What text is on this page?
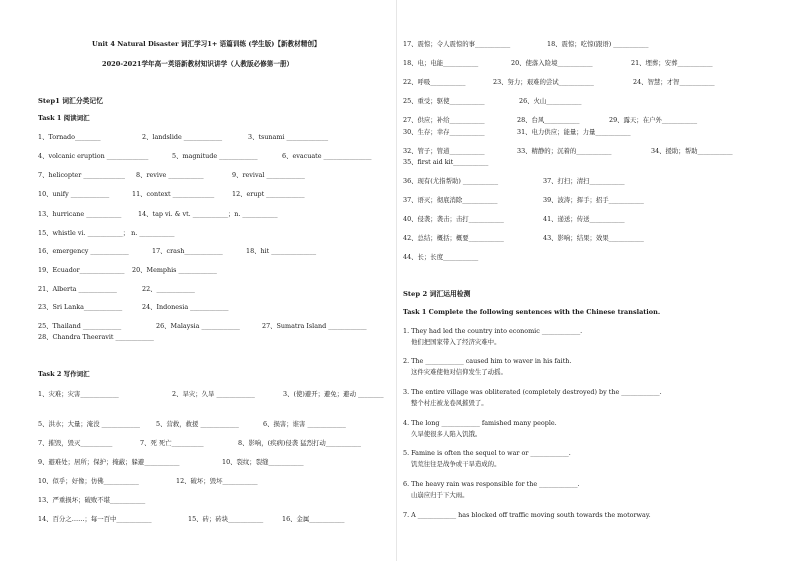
Unit 4 Natural Disaster 词汇学习1+ 语篇训练 (学生版)【新教材精创】
2020-2021学年高一英语新教材知识讲学（人教版必修第一册）
Step1 词汇分类记忆
Task 1 阅读词汇
1、Tornado________	2、landslide ____________	3、tsunami _____________
4、volcanic eruption _____________	5、magnitude ____________	6、evacuate _______________
7、helicopter _____________ 8、revive ___________	9、revival ____________
10、unify ____________	11、context _____________	12、erupt ____________
13、hurricane ___________	14、tap vi. & vt. ___________；n. ___________
15、whistle vi. ___________； n. ___________
16、emergency ____________	17、crash____________	18、hit ______________
19、Ecuador______________ 20、Memphis ____________
21、Alberta ____________	22、____________
23、Sri Lanka____________	24、Indonesia ____________
25、Thailand ____________	26、Malaysia ____________	27、Sumatra Island ____________
28、Chandra Theeravit ____________
Task 2 写作词汇
1、灾难；灾害____________	2、旱灾；久旱 ____________	3、(使)避开；避免；避动 ________
5、洪水；大量；淹没 ____________	5、营救，救援 ____________	6、损害；谁害 ____________
7、摧毁，毁灭__________	7、死 死亡__________	8、影响，(疾病)侵袭 猛烈打动___________
9、避难处；居所；保护；掩蔽；躲避___________	10、裂纹；裂缝___________
10、似乎；好像；仿佛___________	12、破坏；毁坏___________
13、严重损坏；破败不堪___________
14、百分之……；每一百中___________	15、砖；砖块___________	16、金属___________
17、震惊；令人震惊的事___________	18、震惊；吃惊(跟语) ___________
18、电；电能___________	20、使落入险境___________	21、埋葬；安葬___________
22、呼吸___________	23、努力；艰难的尝试___________	24、智慧；才智___________
25、重受；驱使___________	26、火山___________
27、供应；补给___________	28、台风___________	29、露天；在户外___________
30、生存；幸存___________	31、电力供应；能量；力量___________
32、管子；管道___________	33、精静的；沉着的___________	34、援助；帮助___________
35、first aid kit___________
36、现有(尤指帮助) ___________	37、打扫；清扫___________
37、语灭；彻底消除___________	39、波涛；挥手；招手___________
40、侵袭；袭击；击打___________	41、递送；传送___________
42、总结；概括；概要___________	43、影响；结果；效果___________
44、长；长度___________
Step 2 词汇运用检测
Task 1 Complete the following sentences with the Chinese translation.
1. They had led the country into economic ____________.
他们把国家带入了经济灾难中。
2. The ____________ caused him to waver in his faith.
这件灾难使他对信仰发生了动摇。
3. The entire village was obliterated (completely destroyed) by the ____________.
整个村庄被龙卷风摧毁了。
4. The long ____________ famished many people.
久旱使很多人陷入饥饿。
5. Famine is often the sequel to war or ____________.
饥荒往往是战争或干旱造成的。
6. The heavy rain was responsible for the ____________.
山崩应归于下大雨。
7. A ____________ has blocked off traffic moving south towards the motorway.
